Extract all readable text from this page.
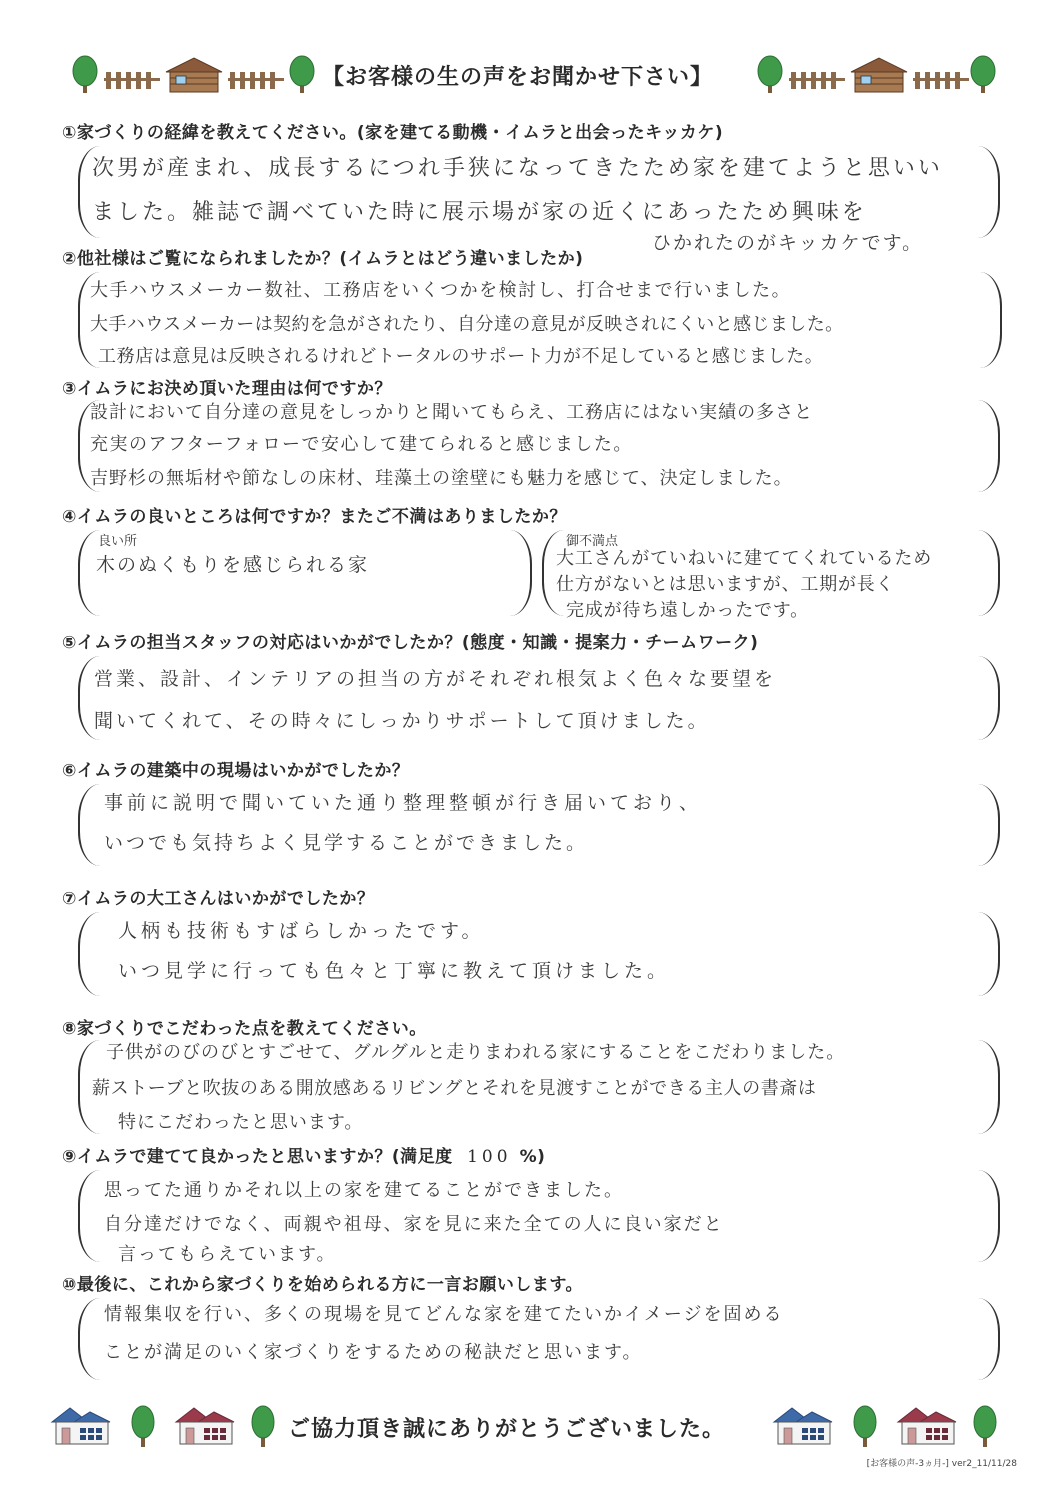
【お客様の生の声をお聞かせ下さい】
①家づくりの経緯を教えてください。(家を建てる動機・イムラと出会ったキッカケ)
次男が産まれ、成長するにつれ手狭になってきたため家を建てようと思いい
ました。雑誌で調べていた時に展示場が家の近くにあったため興味を
ひかれたのがキッカケです。
②他社様はご覧になられましたか？(イムラとはどう違いましたか)
大手ハウスメーカー数社、工務店をいくつかを検討し、打合せまで行いました。
大手ハウスメーカーは契約を急がされたり、自分達の意見が反映されにくいと感じました。
工務店は意見は反映されるけれどトータルのサポート力が不足していると感じました。
③イムラにお決め頂いた理由は何ですか？
設計において自分達の意見をしっかりと聞いてもらえ、工務店にはない実績の多さと
充実のアフターフォローで安心して建てられると感じました。
吉野杉の無垢材や節なしの床材、珪藻土の塗壁にも魅力を感じて、決定しました。
④イムラの良いところは何ですか？またご不満はありましたか？
良い所
木のぬくもりを感じられる家
御不満点
大工さんがていねいに建ててくれているため
仕方がないとは思いますが、工期が長く
完成が待ち遠しかったです。
⑤イムラの担当スタッフの対応はいかがでしたか？(態度・知識・提案力・チームワーク)
営業、設計、インテリアの担当の方がそれぞれ根気よく色々な要望を
聞いてくれて、その時々にしっかりサポートして頂けました。
⑥イムラの建築中の現場はいかがでしたか？
事前に説明で聞いていた通り整理整頓が行き届いており、
いつでも気持ちよく見学することができました。
⑦イムラの大工さんはいかがでしたか？
人柄も技術もすばらしかったです。
いつ見学に行っても色々と丁寧に教えて頂けました。
⑧家づくりでこだわった点を教えてください。
子供がのびのびとすごせて、グルグルと走りまわれる家にすることをこだわりました。
薪ストーブと吹抜のある開放感あるリビングとそれを見渡すことができる主人の書斎は
特にこだわったと思います。
⑨イムラで建てて良かったと思いますか？(満足度 100 %)
思ってた通りかそれ以上の家を建てることができました。
自分達だけでなく、両親や祖母、家を見に来た全ての人に良い家だと
言ってもらえています。
⑩最後に、これから家づくりを始められる方に一言お願いします。
情報集収を行い、多くの現場を見てどんな家を建てたいかイメージを固める
ことが満足のいく家づくりをするための秘訣だと思います。
ご協力頂き誠にありがとうございました。
[お客様の声-3ヵ月-] ver2_11/11/28
